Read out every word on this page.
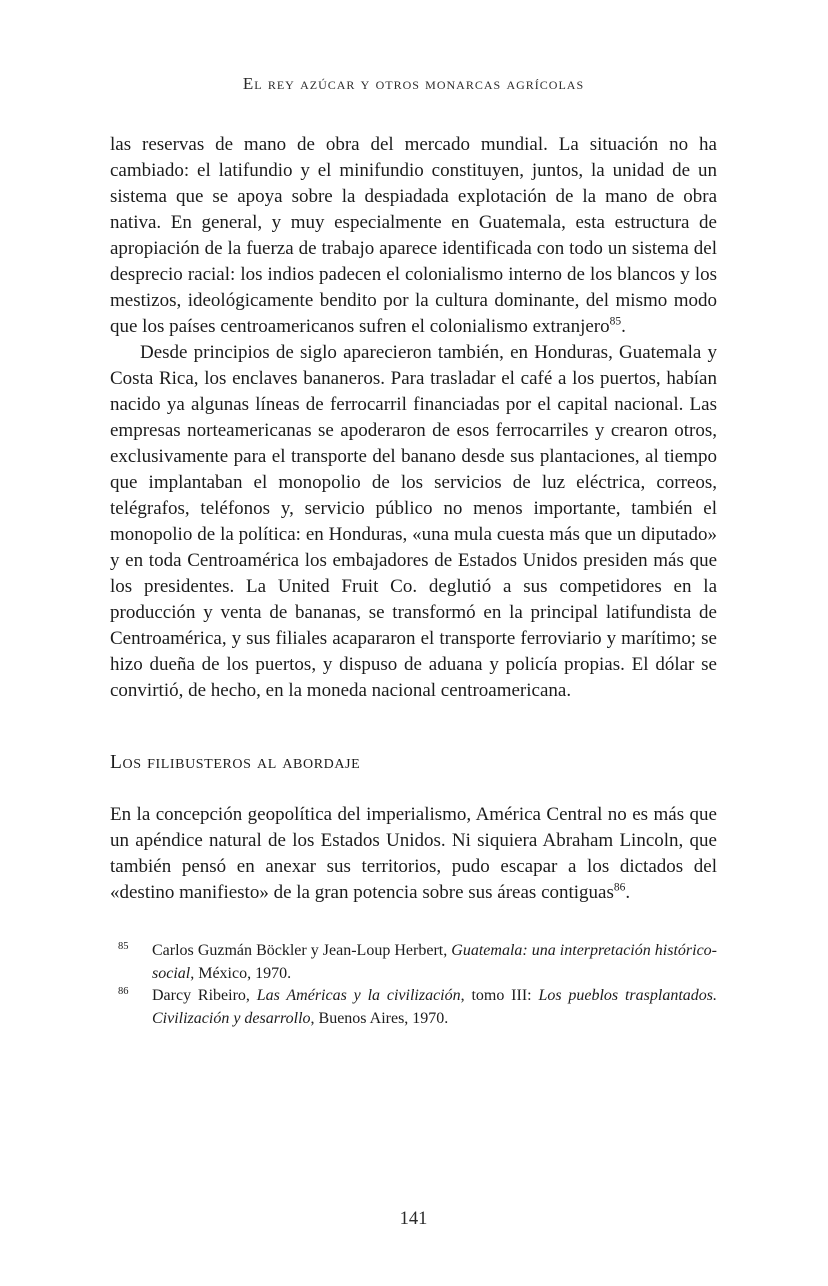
El rey azúcar y otros monarcas agrícolas

las reservas de mano de obra del mercado mundial. La situación no ha cambiado: el latifundio y el minifundio constituyen, juntos, la unidad de un sistema que se apoya sobre la despiadada explotación de la mano de obra nativa. En general, y muy especialmente en Guatemala, esta estructura de apropiación de la fuerza de trabajo aparece identificada con todo un sistema del desprecio racial: los indios padecen el colonialismo interno de los blancos y los mestizos, ideológicamente bendito por la cultura dominante, del mismo modo que los países centroamericanos sufren el colonialismo extranjero$^{85}$.

Desde principios de siglo aparecieron también, en Honduras, Guatemala y Costa Rica, los enclaves bananeros. Para trasladar el café a los puertos, habían nacido ya algunas líneas de ferrocarril financiadas por el capital nacional. Las empresas norteamericanas se apoderaron de esos ferrocarriles y crearon otros, exclusivamente para el transporte del banano desde sus plantaciones, al tiempo que implantaban el monopolio de los servicios de luz eléctrica, correos, telégrafos, teléfonos y, servicio público no menos importante, también el monopolio de la política: en Honduras, «una mula cuesta más que un diputado» y en toda Centroamérica los embajadores de Estados Unidos presiden más que los presidentes. La United Fruit Co. deglutió a sus competidores en la producción y venta de bananas, se transformó en la principal latifundista de Centroamérica, y sus filiales acapararon el transporte ferroviario y marítimo; se hizo dueña de los puertos, y dispuso de aduana y policía propias. El dólar se convirtió, de hecho, en la moneda nacional centroamericana.

Los filibusteros al abordaje

En la concepción geopolítica del imperialismo, América Central no es más que un apéndice natural de los Estados Unidos. Ni siquiera Abraham Lincoln, que también pensó en anexar sus territorios, pudo escapar a los dictados del «destino manifiesto» de la gran potencia sobre sus áreas contiguas$^{86}$.

85 Carlos Guzmán Böckler y Jean-Loup Herbert, Guatemala: una interpretación histórico-social, México, 1970.
86 Darcy Ribeiro, Las Américas y la civilización, tomo III: Los pueblos trasplantados. Civilización y desarrollo, Buenos Aires, 1970.
141
